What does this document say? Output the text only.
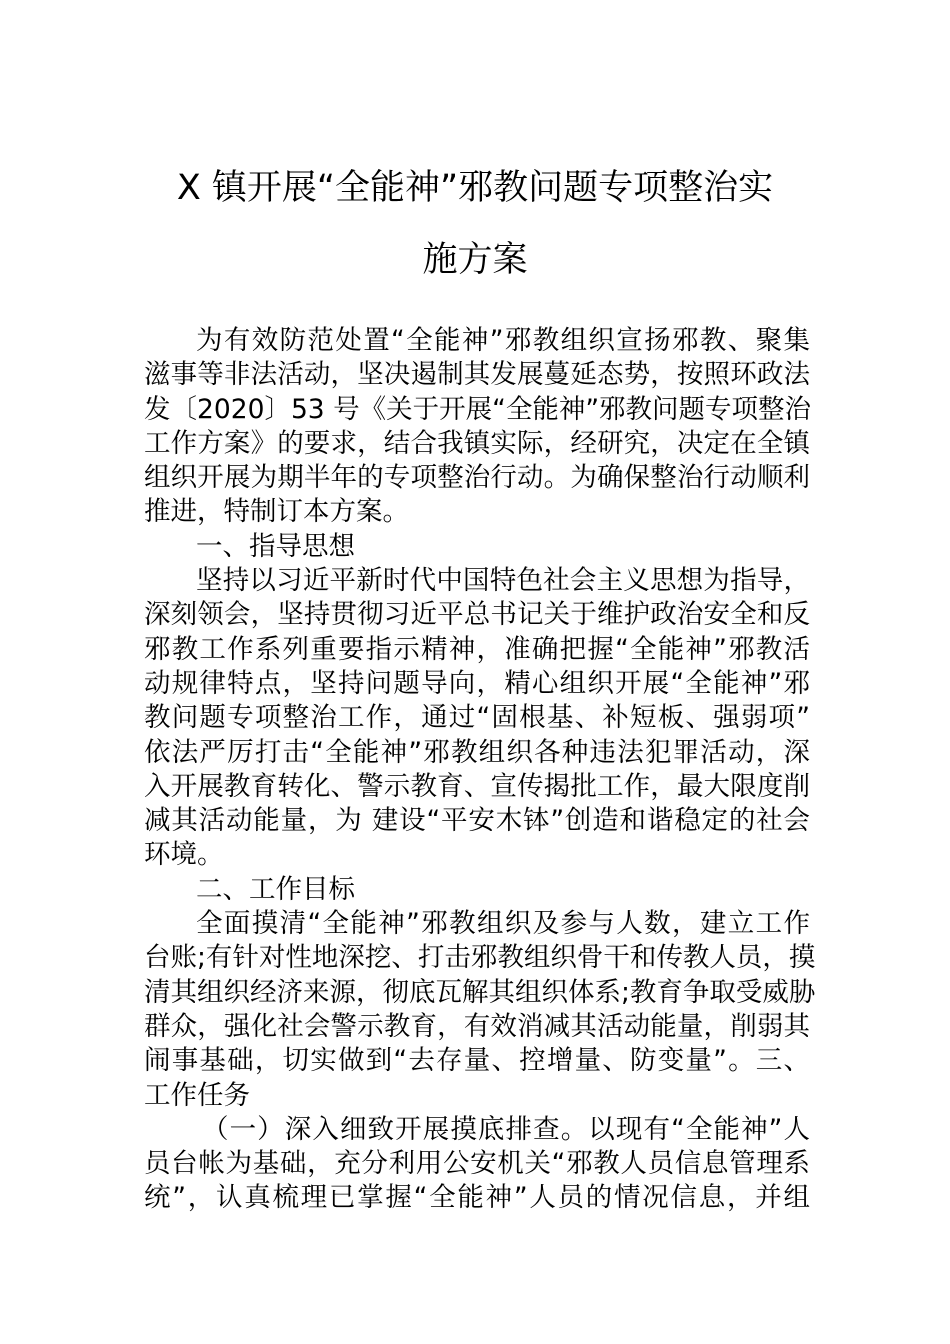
X 镇开展“全能神”邪教问题专项整治实
施方案
为有效防范处置“全能神”邪教组织宣扬邪教、聚集
滋事等非法活动，坚决遏制其发展蔓延态势，按照环政法
发〔2020〕53 号《关于开展“全能神”邪教问题专项整治
工作方案》的要求，结合我镇实际，经研究，决定在全镇
组织开展为期半年的专项整治行动。为确保整治行动顺利
推进，特制订本方案。
一、指导思想
坚持以习近平新时代中国特色社会主义思想为指导，
深刻领会，坚持贯彻习近平总书记关于维护政治安全和反
邪教工作系列重要指示精神，准确把握“全能神”邪教活
动规律特点，坚持问题导向，精心组织开展“全能神”邪
教问题专项整治工作，通过“固根基、补短板、强弱项”
依法严厉打击“全能神”邪教组织各种违法犯罪活动，深
入开展教育转化、警示教育、宣传揭批工作，最大限度削
减其活动能量，为 建设“平安木钵”创造和谐稳定的社会
环境。
二、工作目标
全面摸清“全能神”邪教组织及参与人数，建立工作
台账;有针对性地深挖、打击邪教组织骨干和传教人员，摸
清其组织经济来源，彻底瓦解其组织体系;教育争取受威胁
群众，强化社会警示教育，有效消减其活动能量，削弱其
闹事基础，切实做到“去存量、控增量、防变量”。三、
工作任务
（一）深入细致开展摸底排查。以现有“全能神”人
员台帐为基础，充分利用公安机关“邪教人员信息管理系
统”，认真梳理已掌握“全能神”人员的情况信息，并组
